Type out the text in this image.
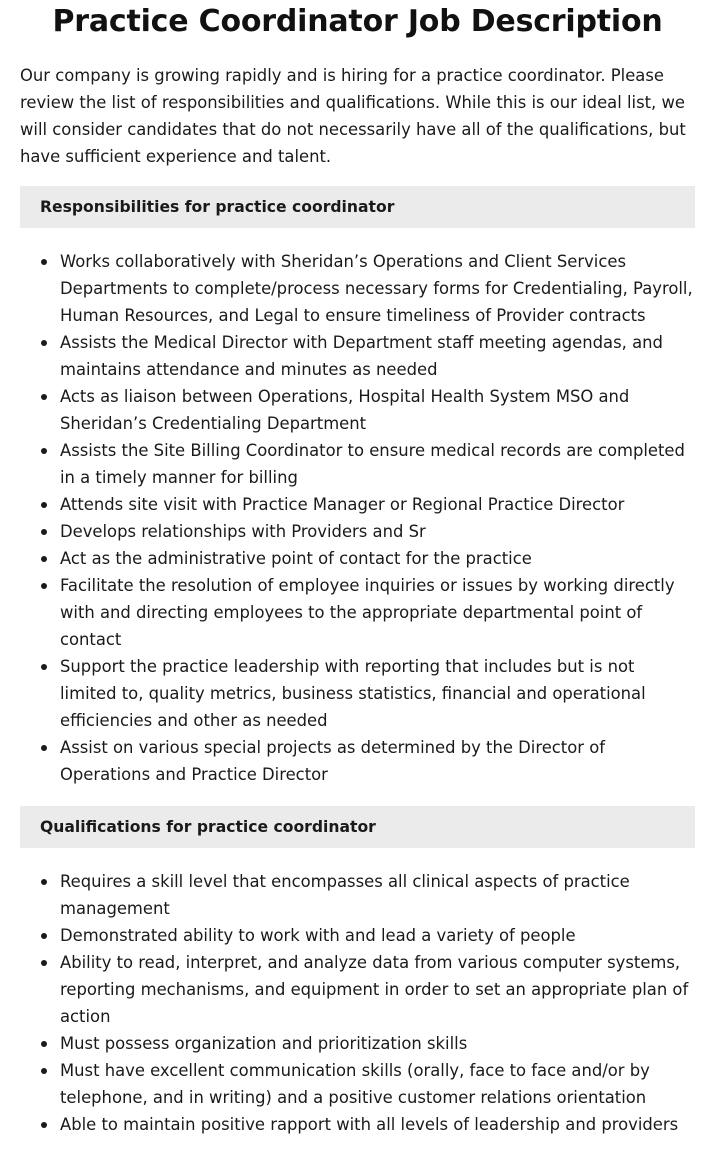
Practice Coordinator Job Description

Our company is growing rapidly and is hiring for a practice coordinator. Please review the list of responsibilities and qualifications. While this is our ideal list, we will consider candidates that do not necessarily have all of the qualifications, but have sufficient experience and talent.

Responsibilities for practice coordinator
Works collaboratively with Sheridan’s Operations and Client Services Departments to complete/process necessary forms for Credentialing, Payroll, Human Resources, and Legal to ensure timeliness of Provider contracts
Assists the Medical Director with Department staff meeting agendas, and maintains attendance and minutes as needed
Acts as liaison between Operations, Hospital Health System MSO and Sheridan’s Credentialing Department
Assists the Site Billing Coordinator to ensure medical records are completed in a timely manner for billing
Attends site visit with Practice Manager or Regional Practice Director
Develops relationships with Providers and Sr
Act as the administrative point of contact for the practice
Facilitate the resolution of employee inquiries or issues by working directly with and directing employees to the appropriate departmental point of contact
Support the practice leadership with reporting that includes but is not limited to, quality metrics, business statistics, financial and operational efficiencies and other as needed
Assist on various special projects as determined by the Director of Operations and Practice Director
Qualifications for practice coordinator
Requires a skill level that encompasses all clinical aspects of practice management
Demonstrated ability to work with and lead a variety of people
Ability to read, interpret, and analyze data from various computer systems, reporting mechanisms, and equipment in order to set an appropriate plan of action
Must possess organization and prioritization skills
Must have excellent communication skills (orally, face to face and/or by telephone, and in writing) and a positive customer relations orientation
Able to maintain positive rapport with all levels of leadership and providers
